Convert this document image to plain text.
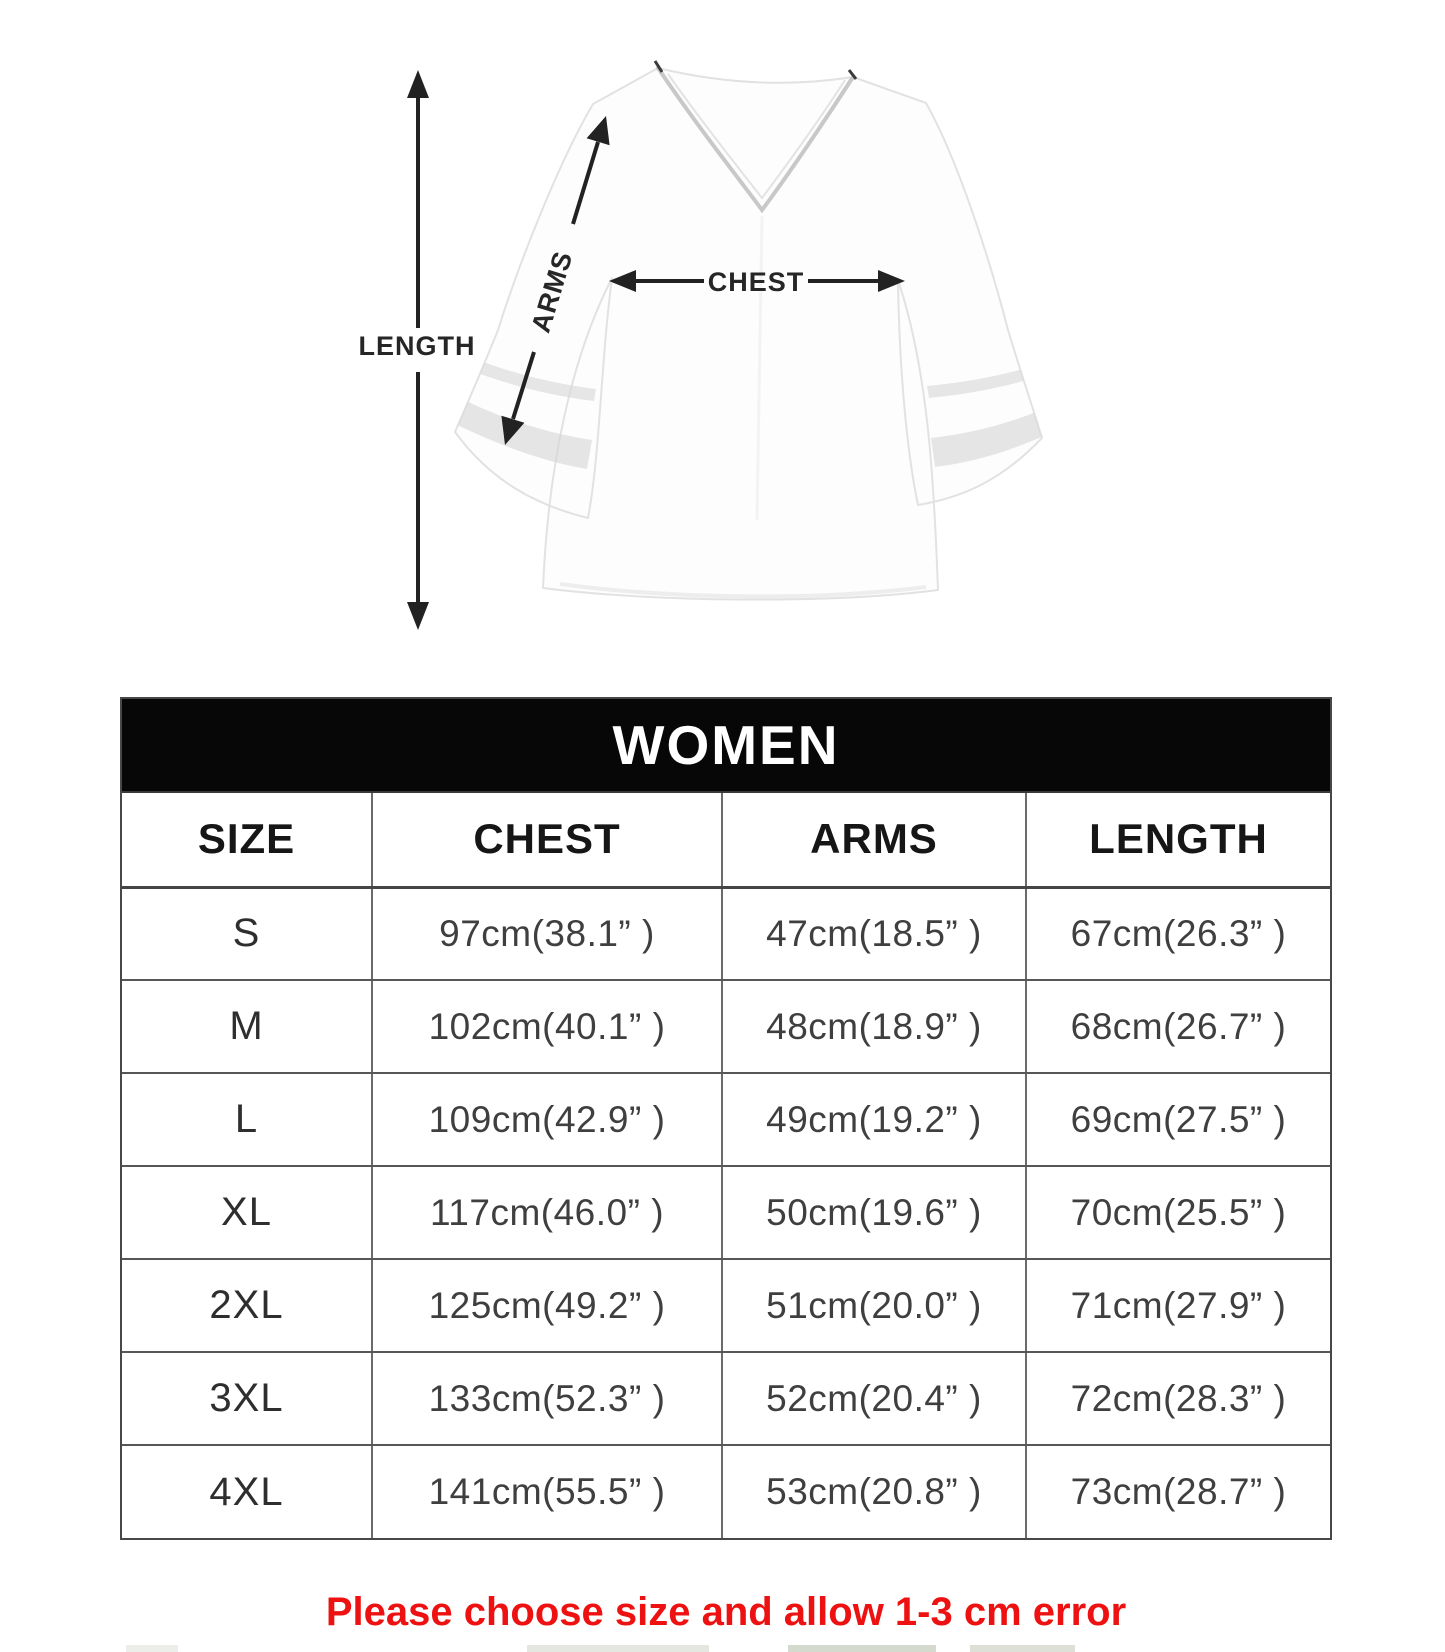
LENGTH
ARMS	CHEST
WOMEN
SIZE	CHEST	ARMS	LENGTH
S	97cm(38.1” )	47cm(18.5” )	67cm(26.3” )
M	102cm(40.1” )	48cm(18.9” )	68cm(26.7” )
L	109cm(42.9” )	49cm(19.2” )	69cm(27.5” )
XL	117cm(46.0” )	50cm(19.6” )	70cm(25.5” )
2XL	125cm(49.2” )	51cm(20.0” )	71cm(27.9” )
3XL	133cm(52.3” )	52cm(20.4” )	72cm(28.3” )
4XL	141cm(55.5” )	53cm(20.8” )	73cm(28.7” )
Please choose size and allow 1-3 cm error
